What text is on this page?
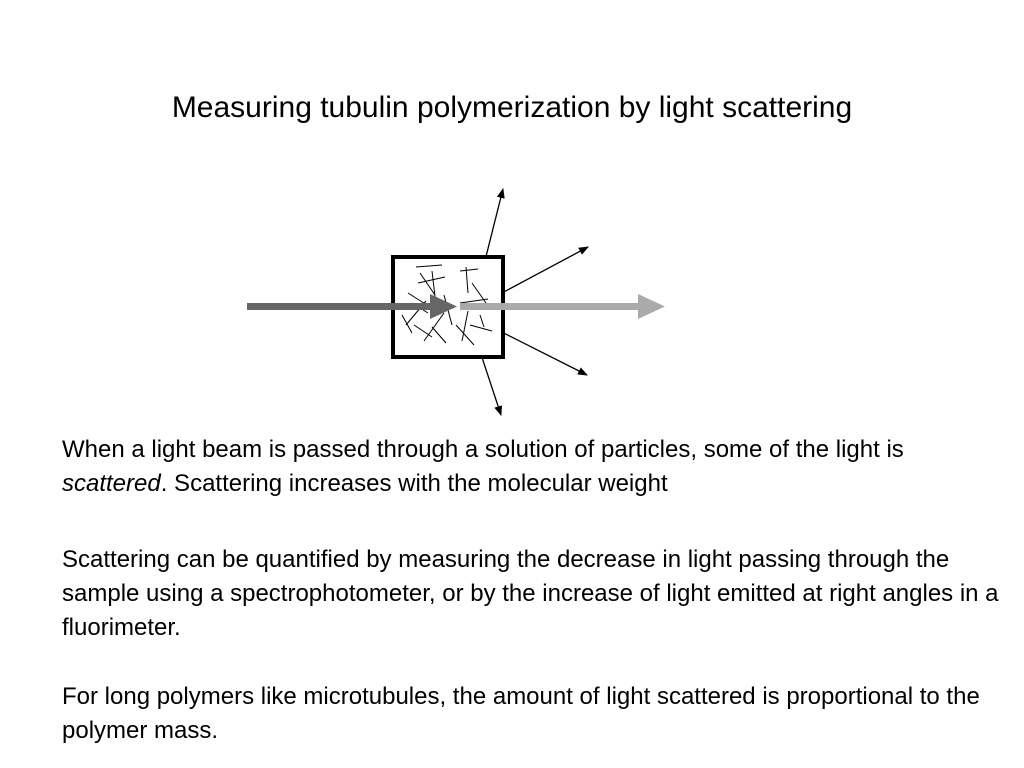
Measuring tubulin polymerization by light scattering

When a light beam is passed through a solution of particles, some of the light is scattered. Scattering increases with the molecular weight

Scattering can be quantified by measuring the decrease in light passing through the sample using a spectrophotometer, or by the increase of light emitted at right angles in a fluorimeter.

For long polymers like microtubules, the amount of light scattered is proportional to the polymer mass.
